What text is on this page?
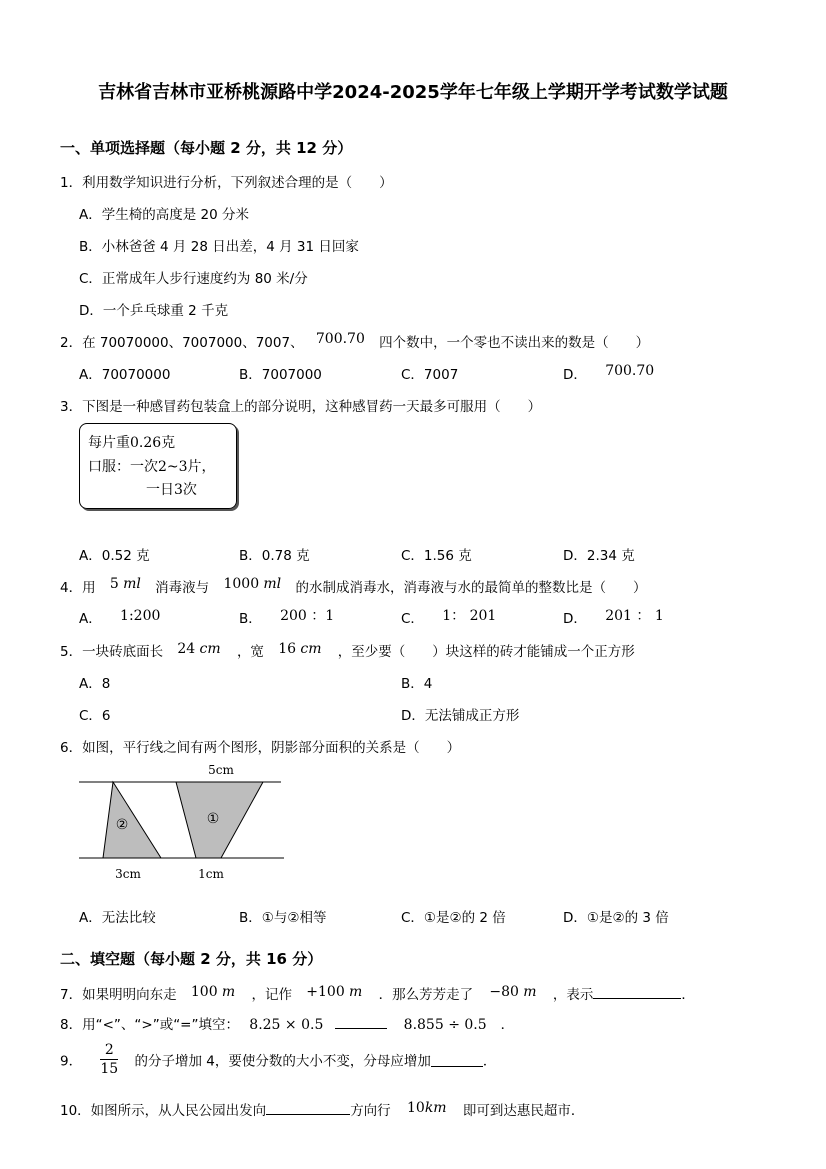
吉林省吉林市亚桥桃源路中学2024-2025学年七年级上学期开学考试数学试题
一、单项选择题（每小题 2 分，共 12 分）
1．利用数学知识进行分析，下列叙述合理的是（　　）
A．学生椅的高度是 20 分米
B．小林爸爸 4 月 28 日出差，4 月 31 日回家
C．正常成年人步行速度约为 80 米/分
D．一个乒乓球重 2 千克
2．在 70070000、7007000、7007、 700.70 四个数中，一个零也不读出来的数是（　　）
A．70070000	B．7007000	C．7007	D． 700.70
3．下图是一种感冒药包装盒上的部分说明，这种感冒药一天最多可服用（　　）
每片重0.26克
口服：一次2~3片，
一日3次
A．0.52 克	B．0.78 克	C．1.56 克	D．2.34 克
4．用 5 ml 消毒液与 1000 ml 的水制成消毒水，消毒液与水的最简单的整数比是（　　）
A． 1:200	B． 200 ：1	C． 1： 201	D． 201 ： 1
5．一块砖底面长 24 cm ，宽 16 cm ，至少要（　　）块这样的砖才能铺成一个正方形
A．8	B．4
C．6	D．无法铺成正方形
6．如图，平行线之间有两个图形，阴影部分面积的关系是（　　）
5cm
②	①
3cm	1cm
A．无法比较	B．①与②相等	C．①是②的 2 倍	D．①是②的 3 倍
二、填空题（每小题 2 分，共 16 分）
7．如果明明向东走 100 m ，记作 +100 m ．那么芳芳走了 −80 m ，表示	．
8．用“<”、“>”或“=”填空： 8.25 × 0.5	8.855 ÷ 0.5 ．
9． $\frac{2}{15}$ 的分子增加 4，要使分数的大小不变，分母应增加	．
10．如图所示，从人民公园出发向	方向行 10km 即可到达惠民超市．
